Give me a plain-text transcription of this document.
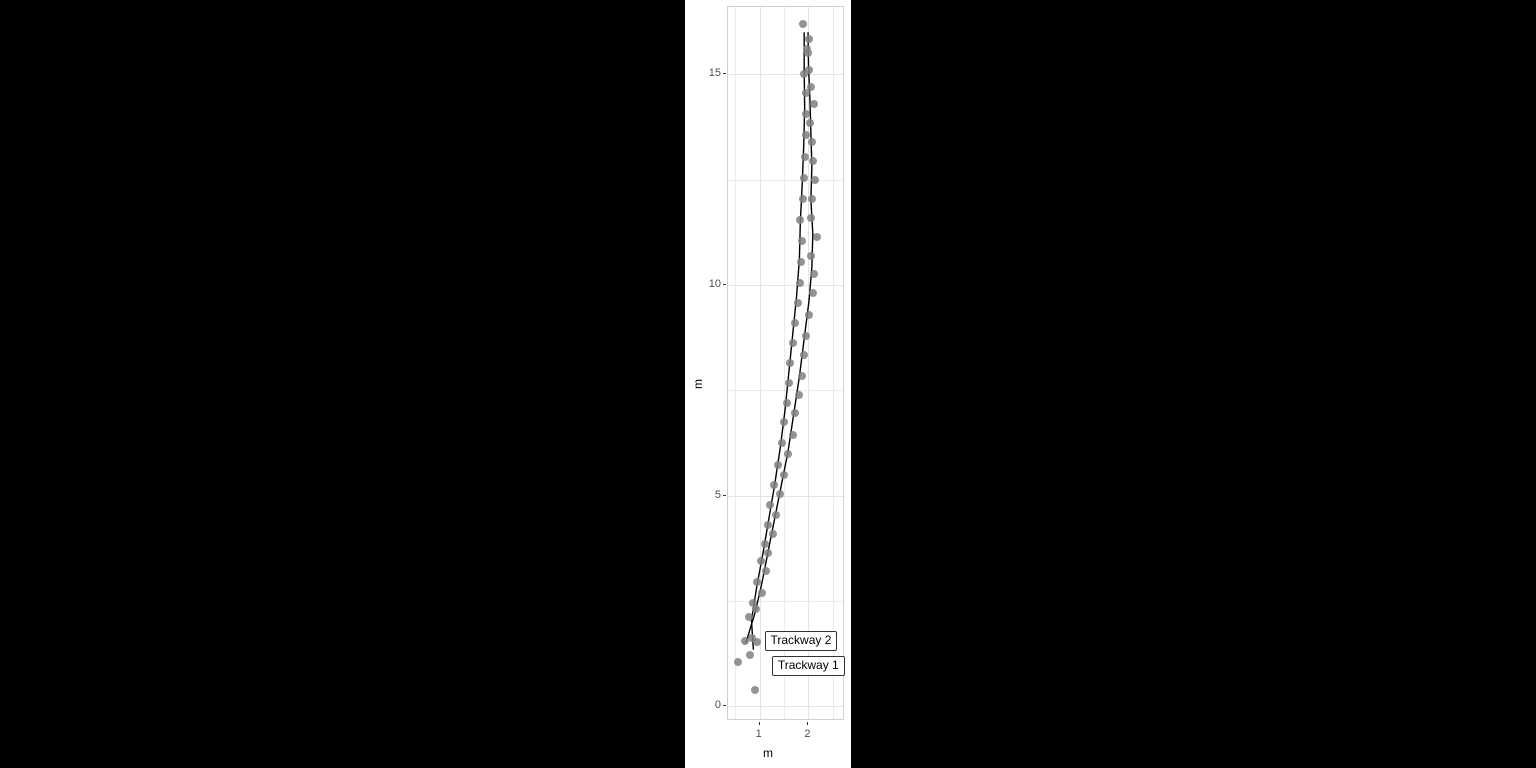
m
m
0
5
10
15
1	2
Trackway 2
Trackway 1
